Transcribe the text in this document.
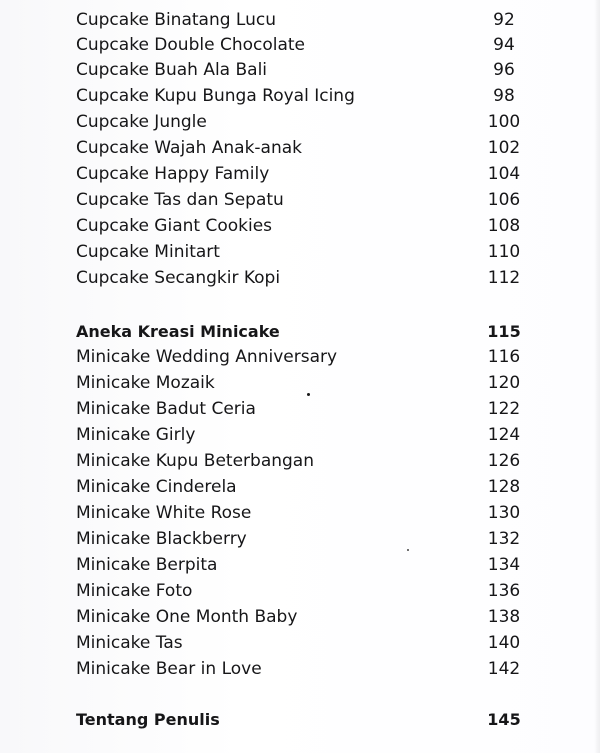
Cupcake Binatang Lucu	92
Cupcake Double Chocolate	94
Cupcake Buah Ala Bali	96
Cupcake Kupu Bunga Royal Icing	98
Cupcake Jungle	100
Cupcake Wajah Anak-anak	102
Cupcake Happy Family	104
Cupcake Tas dan Sepatu	106
Cupcake Giant Cookies	108
Cupcake Minitart	110
Cupcake Secangkir Kopi	112
Aneka Kreasi Minicake	115
Minicake Wedding Anniversary	116
Minicake Mozaik	120
Minicake Badut Ceria	122
Minicake Girly	124
Minicake Kupu Beterbangan	126
Minicake Cinderela	128
Minicake White Rose	130
Minicake Blackberry	132
Minicake Berpita	134
Minicake Foto	136
Minicake One Month Baby	138
Minicake Tas	140
Minicake Bear in Love	142
Tentang Penulis	145
